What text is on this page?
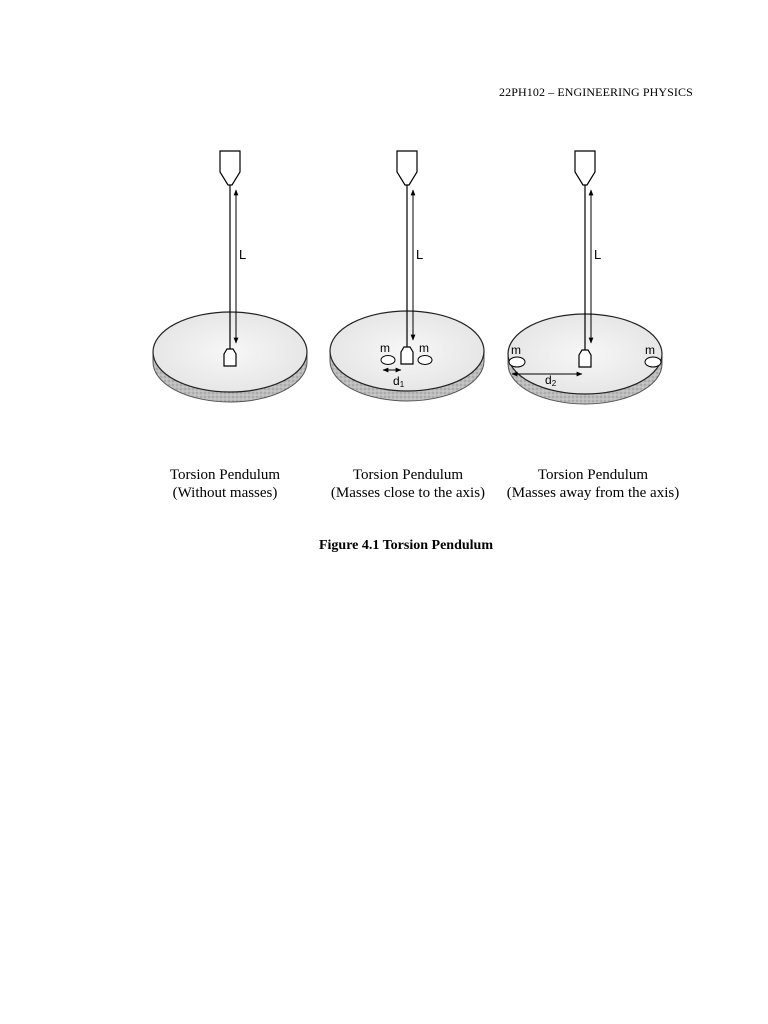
22PH102 – ENGINEERING PHYSICS
L
m m
d1
L
m	m
d2
L
Torsion Pendulum
(Without masses)
Torsion Pendulum
(Masses close to the axis)
Torsion Pendulum
(Masses away from the axis)
Figure 4.1 Torsion Pendulum
